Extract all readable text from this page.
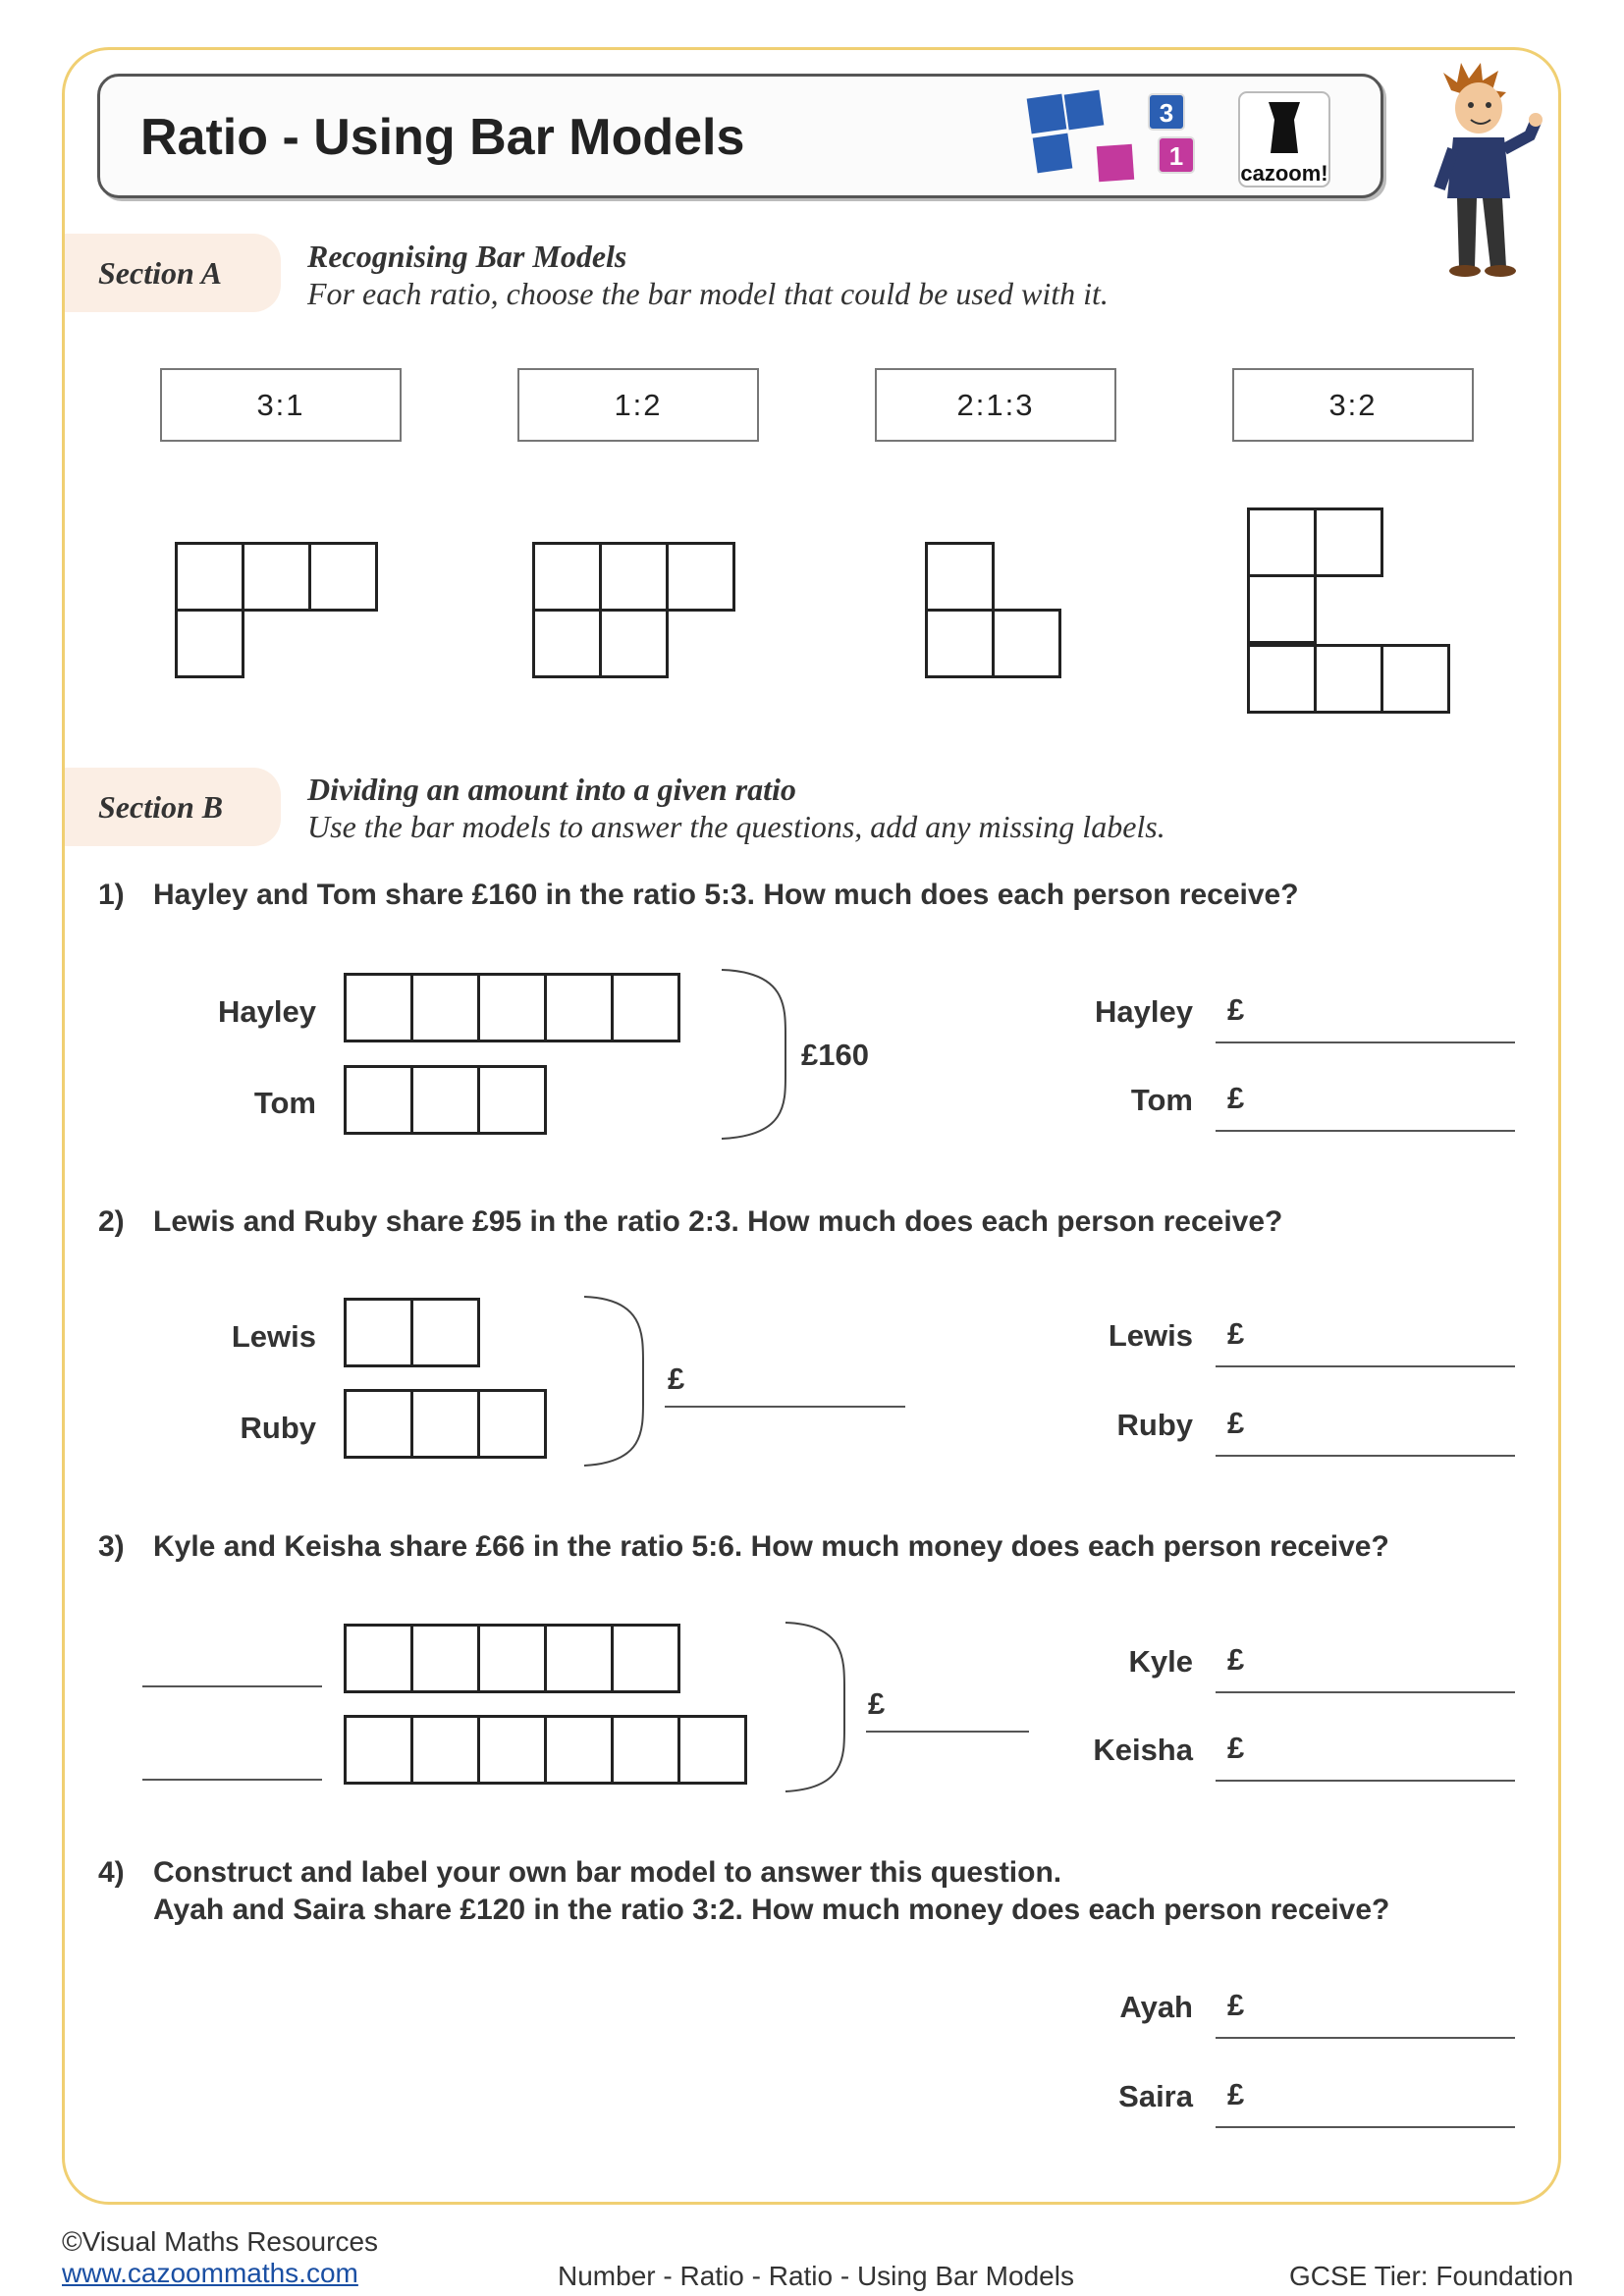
Ratio - Using Bar Models	3
1
cazoom!
Section A	Recognising Bar Models
For each ratio, choose the bar model that could be used with it.
3:1	1:2	2:1:3	3:2
Section B	Dividing an amount into a given ratio
Use the bar models to answer the questions, add any missing labels.
1) Hayley and Tom share £160 in the ratio 5:3. How much does each person receive?
Hayley
Tom
£160
Hayley £
Tom £
2) Lewis and Ruby share £95 in the ratio 2:3. How much does each person receive?
Lewis
Ruby
£
Lewis £
Ruby £
3) Kyle and Keisha share £66 in the ratio 5:6. How much money does each person receive?
£
Kyle £
Keisha £
4) Construct and label your own bar model to answer this question.
Ayah and Saira share £120 in the ratio 3:2. How much money does each person receive?
Ayah £
Saira £
©Visual Maths Resources
www.cazoommaths.com	Number - Ratio - Ratio - Using Bar Models	GCSE Tier: Foundation
